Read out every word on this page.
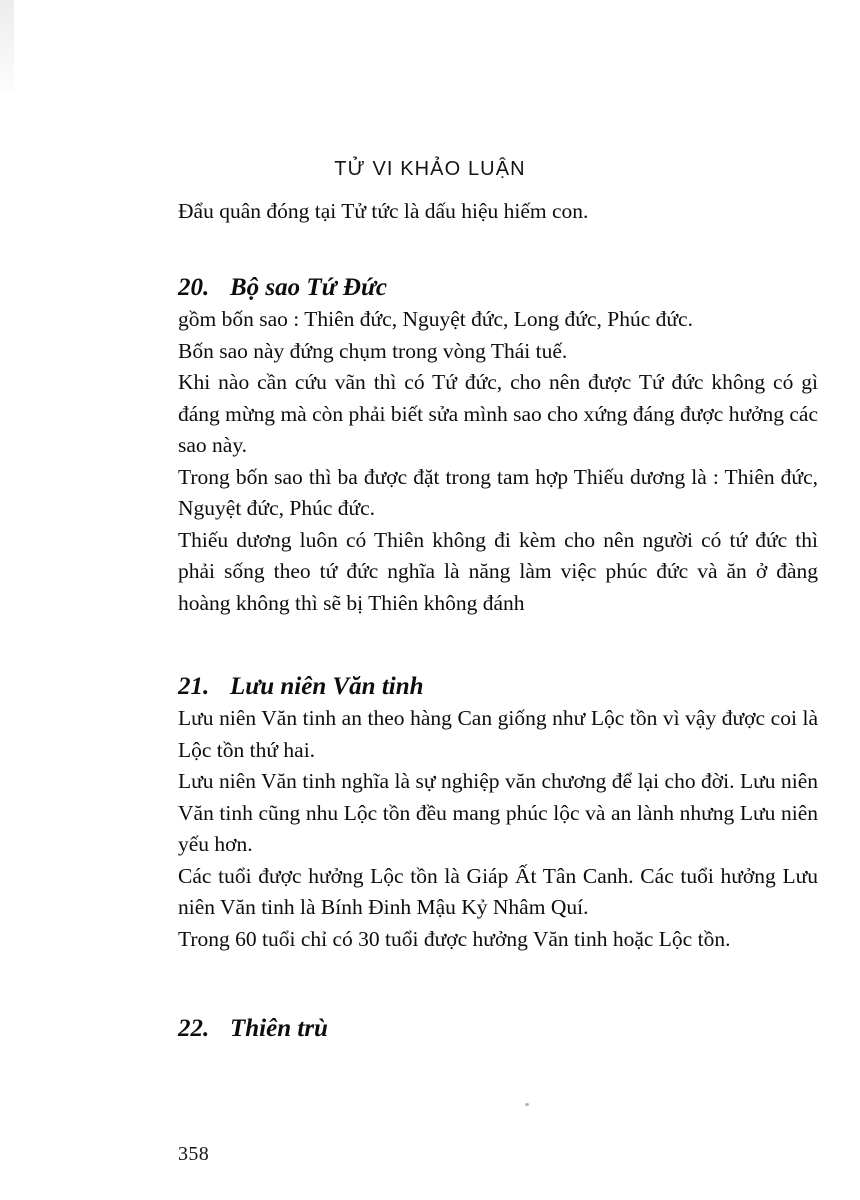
TỬ VI KHẢO LUẬN

Đẩu quân đóng tại Tử tức là dấu hiệu hiếm con.

20. Bộ sao Tứ Đức

gồm bốn sao : Thiên đức, Nguyệt đức, Long đức, Phúc đức.

Bốn sao này đứng chụm trong vòng Thái tuế.

Khi nào cần cứu vãn thì có Tứ đức, cho nên được Tứ đức không có gì đáng mừng mà còn phải biết sửa mình sao cho xứng đáng được hưởng các sao này.

Trong bốn sao thì ba được đặt trong tam hợp Thiếu dương là : Thiên đức, Nguyệt đức, Phúc đức.

Thiếu dương luôn có Thiên không đi kèm cho nên người có tứ đức thì phải sống theo tứ đức nghĩa là năng làm việc phúc đức và ăn ở đàng hoàng không thì sẽ bị Thiên không đánh

21. Lưu niên Văn tinh

Lưu niên Văn tinh an theo hàng Can giống như Lộc tồn vì vậy được coi là Lộc tồn thứ hai.

Lưu niên Văn tinh nghĩa là sự nghiệp văn chương để lại cho đời. Lưu niên Văn tinh cũng nhu Lộc tồn đều mang phúc lộc và an lành nhưng Lưu niên yếu hơn.

Các tuổi được hưởng Lộc tồn là Giáp Ất Tân Canh. Các tuổi hưởng Lưu niên Văn tinh là Bính Đinh Mậu Kỷ Nhâm Quí.

Trong 60 tuổi chỉ có 30 tuổi được hưởng Văn tinh hoặc Lộc tồn.

22. Thiên trù
358
